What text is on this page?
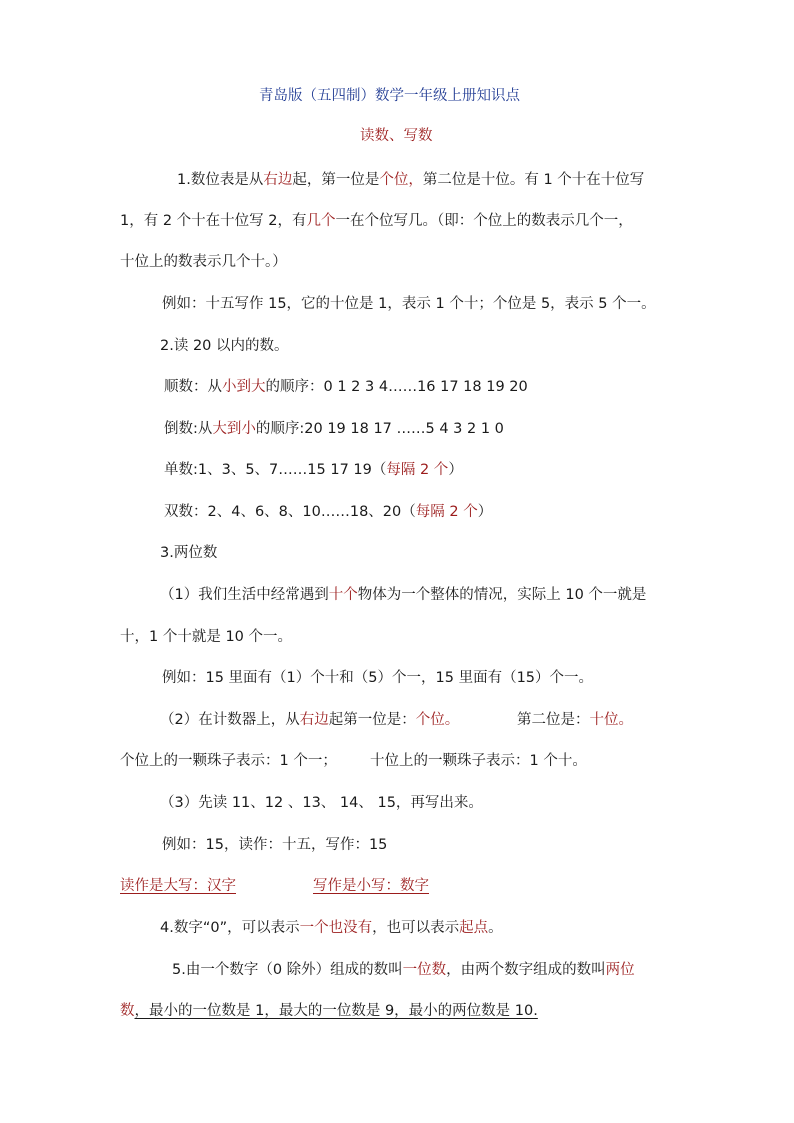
青岛版（五四制）数学一年级上册知识点
读数、写数
1.数位表是从右边起，第一位是个位，第二位是十位。有 1 个十在十位写
1，有 2 个十在十位写 2，有几个一在个位写几。（即：个位上的数表示几个一，
十位上的数表示几个十。）
例如：十五写作 15，它的十位是 1，表示 1 个十；个位是 5，表示 5 个一。
2.读 20 以内的数。
顺数：从小到大的顺序：0 1 2 3 4……16 17 18 19 20
倒数:从大到小的顺序:20 19 18 17 ……5 4 3 2 1 0
单数:1、3、5、7……15 17 19（每隔 2 个）
双数：2、4、6、8、10……18、20（每隔 2 个）
3.两位数
（1）我们生活中经常遇到十个物体为一个整体的情况，实际上 10 个一就是
十，1 个十就是 10 个一。
例如：15 里面有（1）个十和（5）个一，15 里面有（15）个一。
（2）在计数器上，从右边起第一位是：个位。	第二位是：十位。
个位上的一颗珠子表示：1 个一； 十位上的一颗珠子表示：1 个十。
（3）先读 11、12 、13、 14、 15，再写出来。
例如：15，读作：十五，写作：15
读作是大写：汉字	写作是小写：数字
4.数字“0”，可以表示一个也没有，也可以表示起点。
5.由一个数字（0 除外）组成的数叫一位数，由两个数字组成的数叫两位
数，最小的一位数是 1，最大的一位数是 9，最小的两位数是 10.
